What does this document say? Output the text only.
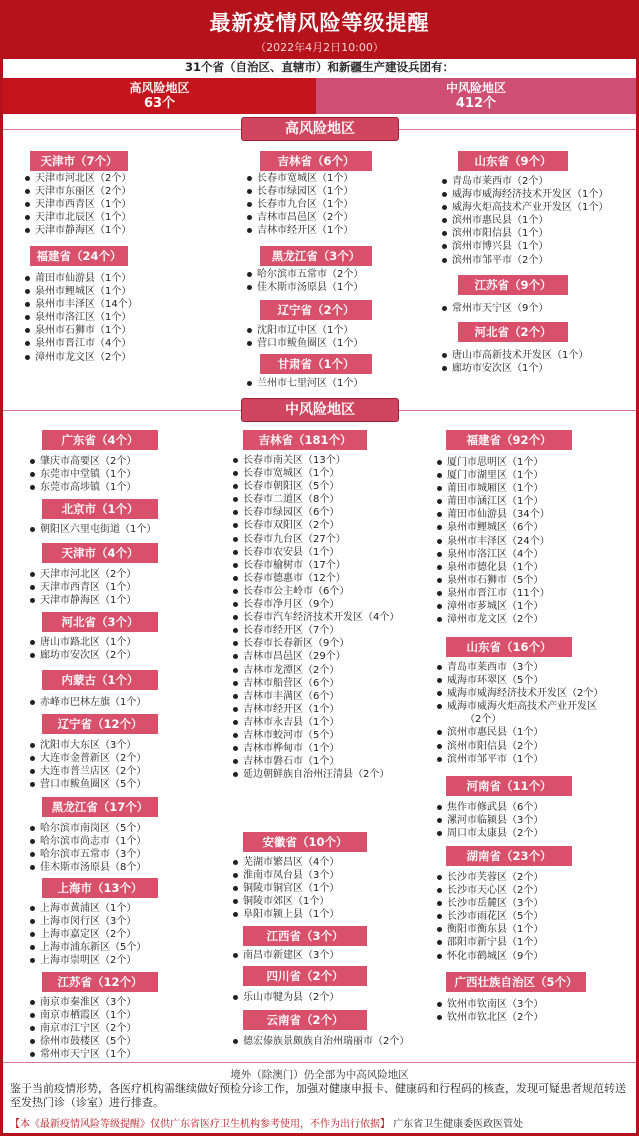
最新疫情风险等级提醒
（2022年4月2日10:00）
31个省（自治区、直辖市）和新疆生产建设兵团有：
高风险地区
63个
中风险地区
412个
高风险地区
天津市（7个）
天津市河北区（2个）
天津市东丽区（2个）
天津市西青区（1个）
天津市北辰区（1个）
天津市静海区（1个）
福建省（24个）
莆田市仙游县（1个）
泉州市鲤城区（1个）
泉州市丰泽区（14个）
泉州市洛江区（1个）
泉州市石狮市（1个）
泉州市晋江市（4个）
漳州市龙文区（2个）
吉林省（6个）
长春市宽城区（1个）
长春市绿园区（1个）
长春市九台区（1个）
吉林市昌邑区（2个）
吉林市经开区（1个）
黑龙江省（3个）
哈尔滨市五常市（2个）
佳木斯市汤原县（1个）
辽宁省（2个）
沈阳市辽中区（1个）
营口市鲅鱼圈区（1个）
甘肃省（1个）
兰州市七里河区（1个）
山东省（9个）
青岛市莱西市（2个）
威海市威海经济技术开发区（1个）
威海火炬高技术产业开发区（1个）
滨州市惠民县（1个）
滨州市阳信县（1个）
滨州市博兴县（1个）
滨州市邹平市（2个）
江苏省（9个）
常州市天宁区（9个）
河北省（2个）
唐山市高新技术开发区（1个）
廊坊市安次区（1个）
中风险地区
广东省（4个）
肇庆市高要区（2个）
东莞市中堂镇（1个）
东莞市高埗镇（1个）
北京市（1个）
朝阳区六里屯街道（1个）
天津市（4个）
天津市河北区（2个）
天津市西青区（1个）
天津市静海区（1个）
河北省（3个）
唐山市路北区（1个）
廊坊市安次区（2个）
内蒙古（1个）
赤峰市巴林左旗（1个）
辽宁省（12个）
沈阳市大东区（3个）
大连市金普新区（2个）
大连市普兰店区（2个）
营口市鲅鱼圈区（5个）
黑龙江省（17个）
哈尔滨市南岗区（5个）
哈尔滨市尚志市（1个）
哈尔滨市五常市（3个）
佳木斯市汤原县（8个）
上海市（13个）
上海市黄浦区（1个）
上海市闵行区（3个）
上海市嘉定区（2个）
上海市浦东新区（5个）
上海市崇明区（2个）
江苏省（12个）
南京市秦淮区（3个）
南京市栖霞区（1个）
南京市江宁区（2个）
徐州市鼓楼区（5个）
常州市天宁区（1个）
吉林省（181个）
长春市南关区（13个）
长春市宽城区（1个）
长春市朝阳区（5个）
长春市二道区（8个）
长春市绿园区（6个）
长春市双阳区（2个）
长春市九台区（27个）
长春市农安县（1个）
长春市榆树市（17个）
长春市德惠市（12个）
长春市公主岭市（6个）
长春市净月区（9个）
长春市汽车经济技术开发区（4个）
长春市经开区（7个）
长春市长春新区（9个）
吉林市昌邑区（29个）
吉林市龙潭区（2个）
吉林市船营区（6个）
吉林市丰满区（6个）
吉林市经开区（1个）
吉林市永吉县（1个）
吉林市蛟河市（5个）
吉林市桦甸市（1个）
吉林市磐石市（1个）
延边朝鲜族自治州汪清县（2个）
安徽省（10个）
芜湖市繁昌区（4个）
淮南市凤台县（3个）
铜陵市铜官区（1个）
铜陵市郊区（1个）
阜阳市颍上县（1个）
江西省（3个）
南昌市新建区（3个）
四川省（2个）
乐山市犍为县（2个）
云南省（2个）
德宏傣族景颇族自治州瑞丽市（2个）
福建省（92个）
厦门市思明区（1个）
厦门市湖里区（1个）
莆田市城厢区（1个）
莆田市涵江区（1个）
莆田市仙游县（34个）
泉州市鲤城区（6个）
泉州市丰泽区（24个）
泉州市洛江区（4个）
泉州市德化县（1个）
泉州市石狮市（5个）
泉州市晋江市（11个）
漳州市芗城区（1个）
漳州市龙文区（2个）
山东省（16个）
青岛市莱西市（3个）
威海市环翠区（5个）
威海市威海经济技术开发区（2个）
威海市威海火炬高技术产业开发区
（2个）
滨州市惠民县（1个）
滨州市阳信县（2个）
滨州市邹平市（1个）
河南省（11个）
焦作市修武县（6个）
漯河市临颍县（3个）
周口市太康县（2个）
湖南省（23个）
长沙市芙蓉区（2个）
长沙市天心区（2个）
长沙市岳麓区（3个）
长沙市雨花区（5个）
衡阳市衡东县（1个）
邵阳市新宁县（1个）
怀化市鹤城区（9个）
广西壮族自治区（5个）
钦州市钦南区（3个）
钦州市钦北区（2个）
境外（除澳门）仍全部为中高风险地区
鉴于当前疫情形势，各医疗机构需继续做好预检分诊工作，加强对健康申报卡、健康码和行程码的核查，发现可疑患者规范转送至发热门诊（诊室）进行排查。
【本《最新疫情风险等级提醒》仅供广东省医疗卫生机构参考使用，不作为出行依据】 广东省卫生健康委医政医管处
